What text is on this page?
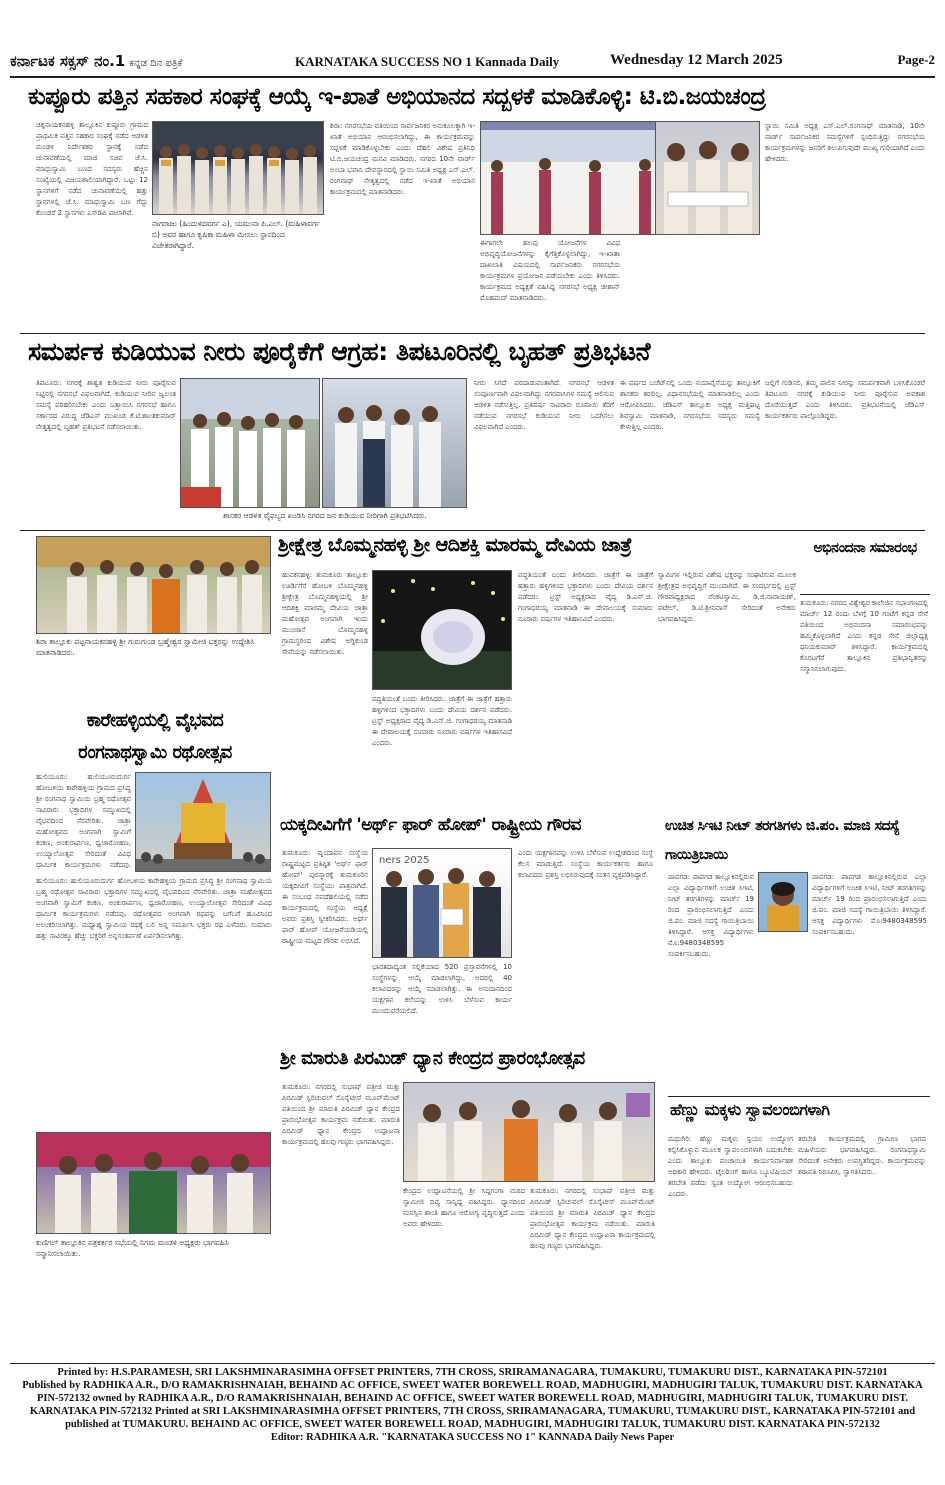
ಕರ್ನಾಟಕ ಸಕ್ಸಸ್ ನಂ.1 ಕನ್ನಡ ದಿನ ಪತ್ರಿಕೆ	KARNATAKA SUCCESS NO 1 Kannada Daily	Wednesday 12 March 2025	Page-2
ಕುಪ್ಪೂರು ಪತ್ತಿನ ಸಹಕಾರ ಸಂಘಕ್ಕೆ ಆಯ್ಕೆ ಇ-ಖಾತೆ ಅಭಿಯಾನದ ಸದ್ಬಳಕೆ ಮಾಡಿಕೊಳ್ಳಿ: ಟಿ.ಬಿ.ಜಯಚಂದ್ರ
ಚಿಕ್ಕನಾಯಕನಹಳ್ಳಿ ತಾಲ್ಲೂಕಿನ ಕುಪ್ಪೂರು ಗ್ರಾಮದ ಪ್ರಾಥಮಿಕ ಪತ್ತಿನ ಸಹಕಾರ ಸಂಘಕ್ಕೆ ನಡೆದ ಆಡಳಿತ ಮಂಡಳಿ ನಿರ್ದೇಶಕರ ಸ್ಥಾನಕ್ಕೆ ನಡೆದ ಚುನಾವಣೆಯಲ್ಲಿ ಮಾಜಿ ಸಚಿವ ಜೆ.ಸಿ. ಮಾಧುಸ್ವಾಮಿ ಬಣದ ಸದಸ್ಯರು ಹೆಚ್ಚಿನ ಸಂಖ್ಯೆಯಲ್ಲಿ ವಿಜಯಶಾಲಿಯಾಗಿದ್ದಾರೆ. ಒಟ್ಟು 12 ಸ್ಥಾನಗಳಿಗೆ ನಡೆದ ಚುನಾವಣೆಯಲ್ಲಿ ಹತ್ತು ಸ್ಥಾನಗಳಲ್ಲಿ ಜೆ.ಸಿ. ಮಾಧುಸ್ವಾಮಿ ಬಣ ಗೆದ್ದು ಕೊಂಡರೆ 2 ಸ್ಥಾನಗಳು ಎಸ್‌ಡಿಪಿ ಪಾಲಾಗಿವೆ.
ನಾಗರಾಜು (ಹಿಂದುಳಿದವರ್ಗ ಎ), ಯಮುನಾ ಪಿ.ಎಲ್. (ಮಹಿಳಾವರ್ಗ ಬಿ) ಅವರ ಹಾಗೂ ಕೃಷಿಕಾ ಮಹಿಳಾ ಮೀಸಲು ಸ್ಥಾನದಿಂದ ವಿಜೇತರಾಗಿದ್ದಾರೆ.
ಶಿರಾ: ನಗರಸಭೆಯ ವತಿಯಿಂದ ಸಾರ್ವಜನಿಕರ ಅನುಕೂಲಕ್ಕಾಗಿ ಇ-ಖಾತೆ ಅಭಿಯಾನ ಆರಂಭಿಸಲಾಗಿದ್ದು, ಈ ಕಾರ್ಯಕ್ರಮವನ್ನು ಸದ್ಬಳಕೆ ಮಾಡಿಕೊಳ್ಳಬೇಕು ಎಂದು ದೆಹಲಿ ವಿಶೇಷ ಪ್ರತಿನಿಧಿ ಟಿ.ಬಿ.ಜಯಚಂದ್ರ ಮನವಿ ಮಾಡಿದರು. ನಗರದ 10ನೇ ವಾರ್ಡ್ ಅಂಬಾ ಭವಾನಿ ದೇವಸ್ಥಾನದಲ್ಲಿ ಸ್ಥಾಯಿ ಸಮಿತಿ ಅಧ್ಯಕ್ಷ ಎಸ್.ಎಲ್. ರಂಗನಾಥ್ ನೇತೃತ್ವದಲ್ಲಿ ನಡೆದ ಇ-ಖಾತೆ ಅಭಿಯಾನ ಕಾರ್ಯಕ್ರಮದಲ್ಲಿ ಮಾತನಾಡಿದರು.
ಈಗಾಗಲೇ ಹಲವು ಯೋಜನೆಗಳ ವಿವಿಧ ಅಭಿವೃದ್ಧಿಯೋಜನೆಗಳನ್ನು ಕೈಗೆತ್ತಿಕೊಳ್ಳಲಾಗಿದ್ದು, ಇ-ಖಾತಾ ದಾಖಲಾತಿ ವಿಷಯದಲ್ಲಿ ಸಾರ್ವಜನಿಕರು ನಗರಸಭೆಯ ಕಾರ್ಯಕ್ರಮಗಳ ಪ್ರಯೋಜನ ಪಡೆಯಬೇಕು ಎಂದು ತಿಳಿಸಿದರು. ಕಾರ್ಯಕ್ರಮದ ಅಧ್ಯಕ್ಷತೆ ವಹಿಸಿದ್ದ ನಗರಸಭೆ ಅಧ್ಯಕ್ಷ ಜೀಶಾನ್ ಮೊಹಮದ್ ಮಾತನಾಡಿದರು.
ಸ್ಥಾಯಿ ಸಮಿತಿ ಅಧ್ಯಕ್ಷ ಎಸ್.ಎಲ್.ರಂಗನಾಥ್ ಮಾತನಾಡಿ, 10ನೇ ವಾರ್ಡ್ ಸಾರ್ವಜನಿಕರ ಸಮಸ್ಯೆಗಳಿಗೆ ಸ್ಪಂದಿಸುತ್ತಿದ್ದು ನಗರಸಭೆಯ ಕಾರ್ಯಕ್ರಮಗಳನ್ನು ಜನರಿಗೆ ತಲುಪಿಸುವುದೇ ಮುಖ್ಯ ಗುರಿಯಾಗಿದೆ ಎಂದು ಹೇಳಿದರು.
ಸಮರ್ಪಕ ಕುಡಿಯುವ ನೀರು ಪೂರೈಕೆಗೆ ಆಗ್ರಹ: ತಿಪಟೂರಿನಲ್ಲಿ ಬೃಹತ್ ಪ್ರತಿಭಟನೆ
ತಿಪಟೂರು: ನಗರಕ್ಕೆ ಶಾಶ್ವತ ಕುಡಿಯುವ ನೀರು ಪೂರೈಸುವ ನಿಟ್ಟಿನಲ್ಲಿ ನಗರಸಭೆ ವಿಫಲವಾಗಿದೆ. ಕುಡಿಯುವ ನೀರಿನ ಜ್ವಲಂತ ಸಮಸ್ಯೆ ಪರಿಹರಿಸಬೇಕು ಎಂದು ಒತ್ತಾಯಿಸಿ ನಗರಸಭೆ ಹಾಗೂ ಸರ್ಕಾರದ ವಿರುದ್ಧ ಜೆಡಿಎಸ್ ಮುಖಂಡ ಕೆ.ಟಿ.ಶಾಂತಕುಮಾರ್ ನೇತೃತ್ವದಲ್ಲಿ ಬೃಹತ್ ಪ್ರತಿಭಟನೆ ನಡೆಸಲಾಯಿತು.
ಶಾಸಕರ ಆಡಳಿತ ವೈಫಲ್ಯದ ಖಂಡಿಸಿ ನಗರದ ಜನ ಕುಡಿಯುವ ನೀರಿಗಾಗಿ ಪ್ರತಿಭಟಿಸಿದರು.
ನೀರು ಸಿಗದೆ ಪರದಾಡುವಂತಾಗಿದೆ. ನಗರಸಭೆ ಆಡಳಿತ ಸಂಪೂರ್ಣವಾಗಿ ವಿಫಲವಾಗಿದ್ದು ನಗರವಾಸಿಗಳ ಸಮಸ್ಯೆ ಆಲಿಸುವ ಆಡಳಿತ ನಡೆಸುತ್ತಿಲ್ಲ. ಪ್ರತಿವರ್ಷ ಸಾವಿರಾರು ರೂಪಾಯಿ ತೆರಿಗೆ ನಡೆಯುವ ನಗರಸಭೆ ಕುಡಿಯುವ ನೀರು ಒದಗಿಸಲು ವಿಫಲವಾಗಿದೆ ಎಂದರು.
ಈ ವರ್ಷದ ಬಜೆಟ್‌ನಲ್ಲಿ ಒಂದು ನಯಾಪೈಸೆಯನ್ನು ತಾಲ್ಲೂಕಿಗೆ ಶಾಸಕರು ತರಲಿಲ್ಲ. ವಿಧಾನಸಭೆಯಲ್ಲಿ ಮಾತನಾಡಲಿಲ್ಲ ಎಂದು ಆರೋಪಿಸಿದರು. ಜೆಡಿಎಸ್ ತಾಲ್ಲೂಕು ಅಧ್ಯಕ್ಷ ಮತ್ತಿಘಟ್ಟ ಶಿವಸ್ವಾಮಿ ಮಾತನಾಡಿ, ನಗರಸಭೆಯ ಸದಸ್ಯರು ಸಮಸ್ಯೆ ಕೇಳುತ್ತಿಲ್ಲ ಎಂದರು.
ಜಲ್ಲಿಗೆ ಗುಡಿಸಲಿ, ತಮ್ಮ ಪಾಲಿನ ನೀರನ್ನು ಸಮರ್ಪಕವಾಗಿ ಬಳಸಿಕೊಂಡರೆ ತಿಪಟೂರು ನಗರಕ್ಕೆ ಕುಡಿಯುವ ನೀರು ಪೂರೈಸುವ ಅವಕಾಶ ದೊರೆಯುತ್ತದೆ ಎಂದು ತಿಳಿಸಿದರು. ಪ್ರತಿಭಟನೆಯಲ್ಲಿ ಜೆಡಿಎಸ್ ಕಾರ್ಯಕರ್ತರು ಪಾಲ್ಗೊಂಡಿದ್ದರು.
ಶಿರಾ ತಾಲ್ಲೂಕು ಪಟ್ಟನಾಯಕನಹಳ್ಳಿ ಶ್ರೀ ಗುರುಗುಂಡ ಬ್ರಹ್ಮೇಶ್ವರ ಸ್ವಾಮೀಜಿ ಭಕ್ತರನ್ನು ಉದ್ದೇಶಿಸಿ ಮಾತನಾಡಿದರು.
ಶ್ರೀಕ್ಷೇತ್ರ ಬೊಮ್ಮನಹಳ್ಳಿ ಶ್ರೀ ಆದಿಶಕ್ತಿ ಮಾರಮ್ಮ ದೇವಿಯ ಜಾತ್ರೆ
ಹುವಕನಹಳ್ಳಿ: ತುಮಕೂರು ತಾಲ್ಲೂಕು ಊರ್ಡಿಗೆರೆ ಹೋಬಳಿ ಬೊಮ್ಮನಹಳ್ಳಿ ಶ್ರೀಕ್ಷೇತ್ರ ಬೊಮ್ಮನಹಳ್ಳಿಯಲ್ಲಿ ಶ್ರೀ ಆದಿಶಕ್ತಿ ಮಾರಮ್ಮ ದೇವಿಯ ಜಾತ್ರಾ ಮಹೋತ್ಸವ ಅಂಗವಾಗಿ ಇಂದು ಮುಂಜಾನೆ ಬೊಮ್ಮನಹಳ್ಳಿ ಗ್ರಾಮಸ್ಥರಿಂದ ವಿಶೇಷ ಅಗ್ನಿಕುಂಡ ಸೇವೆಯನ್ನು ನಡೆಸಲಾಯಿತು.
ಪದ್ಧತಿಯಂತೆ ಬಂದು ತೀರಿಸಿದರು. ಜಾತ್ರೆಗೆ ಈ ಜಾತ್ರೆಗೆ ಹತ್ತಾರು ಹಳ್ಳಿಗಳಿಂದ ಭಕ್ತಾದಿಗಳು ಬಂದು ದೇವಿಯ ದರ್ಶನ ಪಡೆದರು. ಟ್ರಸ್ಟ್ ಅಧ್ಯಕ್ಷರಾದ ವೈದ್ಯ ಡಿ.ಎನ್.ಜಿ. ಗಂಗಾಧರಯ್ಯ ಮಾತನಾಡಿ ಈ ದೇವಾಲಯಕ್ಕೆ ಸುಮಾರು ನೂರಾರು ವರ್ಷಗಳ ಇತಿಹಾಸವಿದೆ ಎಂದರು.
ಪದ್ಧತಿಯಂತೆ ಬಂದು ತೀರಿಸಿದರು. ಜಾತ್ರೆಗೆ ಈ ಜಾತ್ರೆಗೆ ಹತ್ತಾರು ಹಳ್ಳಿಗಳಿಂದ ಭಕ್ತಾದಿಗಳು ಬಂದು ದೇವಿಯ ದರ್ಶನ ಪಡೆದರು. ಟ್ರಸ್ಟ್ ಅಧ್ಯಕ್ಷರಾದ ವೈದ್ಯ ಡಿ.ಎನ್.ಜಿ. ಗಂಗಾಧರಯ್ಯ ಮಾತನಾಡಿ ಈ ದೇವಾಲಯಕ್ಕೆ ಸುಮಾರು ನೂರಾರು ವರ್ಷಗಳ ಇತಿಹಾಸವಿದೆ ಎಂದರು.
ಸ್ವಾಮಿಗಳ ಇಲ್ಲಿರುವ ವಿಶೇಷ ಭಕ್ತರನ್ನು ಸಂಘಟಿಸುವ ಮೂಲಕ ಶ್ರೀಕ್ಷೇತ್ರದ ಅಭಿವೃದ್ಧಿಗೆ ಮುಂದಾಗಿದೆ. ಈ ಸಂದರ್ಭದಲ್ಲಿ ಟ್ರಸ್ಟ್ ಗೌರವಾಧ್ಯಕ್ಷರಾದ ವೆಂಕಟಸ್ವಾಮಿ, ಡಿ.ಜಿ.ನಾರಾಯಣ್, ಪಟೇಲ್, ಡಿ.ಟಿ.ಶ್ರೀನಿವಾಸ್ ಸೇರಿದಂತೆ ಅನೇಕರು ಭಾಗವಹಿಸಿದ್ದರು.
ಅಭಿನಂದನಾ ಸಮಾರಂಭ
ತುಮಕೂರು: ನಗರದ ವಿಶ್ವೇಶ್ವರ ಕಾಲೇಜಿನ ಸಭಾಂಗಣದಲ್ಲಿ ಮಾರ್ಚ್ 12 ರಂದು ಬೆಳಗ್ಗೆ 10 ಗಂಟೆಗೆ ಕನ್ನಡ ಸೇನೆ ವತಿಯಿಂದ ಅಭಿನಂದನಾ ಸಮಾರಂಭವನ್ನು ಹಮ್ಮಿಕೊಳ್ಳಲಾಗಿದೆ ಎಂದು ಕನ್ನಡ ಸೇನೆ ಜಿಲ್ಲಾಧ್ಯಕ್ಷ ಧನಿಯಕುಮಾರ್ ತಿಳಿಸಿದ್ದಾರೆ. ಕಾರ್ಯಕ್ರಮದಲ್ಲಿ ಕೊರಟಗೆರೆ ತಾಲ್ಲೂಕಿನ ಪ್ರತಿಭಾನ್ವಿತರನ್ನು ಸನ್ಮಾನಿಸಲಾಗುವುದು.
ಕಾರೇಹಳ್ಳಿಯಲ್ಲಿ ವೈಭವದ ರಂಗನಾಥಸ್ವಾಮಿ ರಥೋತ್ಸವ
ಹುಲಿಯೂರು: ಹುಲಿಯೂರುದುರ್ಗ ಹೋಬಳಿಯ ಕಾರೇಹಳ್ಳಿಯ ಗ್ರಾಮದ ಪ್ರಸಿದ್ಧ ಶ್ರೀ ರಂಗನಾಥ ಸ್ವಾಮಿಯ ಬ್ರಹ್ಮ ರಥೋತ್ಸವ ಸಾವಿರಾರು ಭಕ್ತಾದಿಗಳ ಸಮ್ಮುಖದಲ್ಲಿ ವೈಭವದಿಂದ ನೆರವೇರಿತು. ಜಾತ್ರಾ ಮಹೋತ್ಸವದ ಅಂಗವಾಗಿ ಸ್ವಾಮಿಗೆ ಕಂಕಣ, ಅಂಕುರಾರ್ಪಣ, ಧ್ವಜಾರೋಹಣ, ಉಯ್ಯಾಲೋತ್ಸವ ಸೇರಿದಂತೆ ವಿವಿಧ ಧಾರ್ಮಿಕ ಕಾರ್ಯಕ್ರಮಗಳು ನಡೆದವು.
ಹುಲಿಯೂರು: ಹುಲಿಯೂರುದುರ್ಗ ಹೋಬಳಿಯ ಕಾರೇಹಳ್ಳಿಯ ಗ್ರಾಮದ ಪ್ರಸಿದ್ಧ ಶ್ರೀ ರಂಗನಾಥ ಸ್ವಾಮಿಯ ಬ್ರಹ್ಮ ರಥೋತ್ಸವ ಸಾವಿರಾರು ಭಕ್ತಾದಿಗಳ ಸಮ್ಮುಖದಲ್ಲಿ ವೈಭವದಿಂದ ನೆರವೇರಿತು. ಜಾತ್ರಾ ಮಹೋತ್ಸವದ ಅಂಗವಾಗಿ ಸ್ವಾಮಿಗೆ ಕಂಕಣ, ಅಂಕುರಾರ್ಪಣ, ಧ್ವಜಾರೋಹಣ, ಉಯ್ಯಾಲೋತ್ಸವ ಸೇರಿದಂತೆ ವಿವಿಧ ಧಾರ್ಮಿಕ ಕಾರ್ಯಕ್ರಮಗಳು ನಡೆದವು. ರಥೋತ್ಸವದ ಅಂಗವಾಗಿ ರಥವನ್ನು ಬಗೆಬಗೆ ಹೂವಿನಿಂದ ಅಲಂಕರಿಸಲಾಗಿತ್ತು. ಮಧ್ಯಾಹ್ನ ಸ್ವಾಮಿಯ ರಥಕ್ಕೆ ಬಲಿ ಅನ್ನ ಸಮರ್ಪಿಸಿ ಭಕ್ತರು ರಥ ಎಳೆದರು. ಸುಮಾರು ಹತ್ತು ಸಾವಿರಕ್ಕೂ ಹೆಚ್ಚು ಭಕ್ತರಿಗೆ ಅನ್ನಸಂತರ್ಪಣೆ ಏರ್ಪಡಿಸಲಾಗಿತ್ತು.
ಕುಣಿಗಲ್ ತಾಲ್ಲೂಕಿನ ಪತ್ರಕರ್ತರ ಸಭೆಯಲ್ಲಿ ನಿಗಮ ಮಂಡಳಿ ಅಧ್ಯಕ್ಷರು ಭಾಗವಹಿಸಿ ಸನ್ಮಾನಿಸಲಾಯಿತು.
ಯಕ್ಕದೀವಿಗೆಗೆ 'ಅರ್ಥ್ ಫಾರ್ ಹೋಪ್' ರಾಷ್ಟ್ರೀಯ ಗೌರವ
ತುಮಕೂರು: ವೃಂದಾವನ ಸಂಸ್ಥೆಯ ರಾಷ್ಟ್ರಮಟ್ಟದ ಪ್ರತಿಷ್ಠಿತ 'ಅರ್ಥ್ ಫಾರ್ ಹೋಪ್' ಪುರಸ್ಕಾರಕ್ಕೆ ತುಮಕೂರಿನ ಯಕ್ಕದೀವಿಗೆ ಸಂಸ್ಥೆಯು ಪಾತ್ರವಾಗಿದೆ. ಈ ಸಂಬಂಧ ನವದೆಹಲಿಯಲ್ಲಿ ನಡೆದ ಕಾರ್ಯಕ್ರಮದಲ್ಲಿ ಸಂಸ್ಥೆಯ ಅಧ್ಯಕ್ಷೆ ಅವರು ಪ್ರಶಸ್ತಿ ಸ್ವೀಕರಿಸಿದರು. ಅರ್ಥ್ ಫಾರ್ ಹೋಪ್ ಯೋಜನೆಯಡಿಯಲ್ಲಿ ರಾಷ್ಟ್ರೀಯ ಮಟ್ಟದ ಗೌರವ ಲಭಿಸಿದೆ.
ners 2025
ಭಾರತದಾದ್ಯಂತ ಸಲ್ಲಿಕೆಯಾದ 520 ಪ್ರಸ್ತಾವನೆಗಳಲ್ಲಿ 10 ಸಂಸ್ಥೆಗಳನ್ನು ಆಯ್ಕೆ ಮಾಡಲಾಗಿದ್ದು, ಅದರಲ್ಲಿ 40 ಕಲಾವಿದರನ್ನು ಆಯ್ಕೆ ಮಾಡಲಾಗಿತ್ತು. ಈ ಅನುದಾನದಿಂದ ಯಕ್ಷಗಾನ ಕಲೆಯನ್ನು ಉಳಿಸಿ ಬೆಳೆಸುವ ಕಾರ್ಯ ಮುಂದುವರೆಯಲಿದೆ.
ಎಂದು ಯಕ್ಷಗಾನವನ್ನು ಉಳಿಸಿ ಬೆಳೆಸುವ ಉದ್ದೇಶದಿಂದ ಸಂಸ್ಥೆ ಕೆಲಸ ಮಾಡುತ್ತಿದೆ. ಸಂಸ್ಥೆಯ ಕಾರ್ಯಕರ್ತರು ಹಾಗೂ ಕಲಾವಿದರು ಪ್ರಶಸ್ತಿ ಲಭಿಸಿರುವುದಕ್ಕೆ ಸಂತಸ ವ್ಯಕ್ತಪಡಿಸಿದ್ದಾರೆ.
ಉಚಿತ ಸಿಇಟಿ ನೀಟ್ ತರಗತಿಗಳು ಜಿ.ಪಂ. ಮಾಜಿ ಸದಸ್ಯೆ ಗಾಯಿತ್ರಿಬಾಯಿ
ಪಾವಗಡ: ಪಾವಗಡ ತಾಲ್ಲೂಕಿನಲ್ಲಿರುವ ಎಲ್ಲಾ ವಿದ್ಯಾರ್ಥಿಗಳಿಗೆ ಉಚಿತ ಸಿಇಟಿ, ನೀಟ್ ತರಗತಿಗಳನ್ನು ಮಾರ್ಚ್ 19 ರಿಂದ ಪ್ರಾರಂಭಿಸಲಾಗುತ್ತಿದೆ ಎಂದು ಜಿ.ಪಂ. ಮಾಜಿ ಸದಸ್ಯೆ ಗಾಯಿತ್ರಿಬಾಯಿ ತಿಳಿಸಿದ್ದಾರೆ. ಆಸಕ್ತ ವಿದ್ಯಾರ್ಥಿಗಳು ಮೊ:9480348595 ಸಂಪರ್ಕಿಸಬಹುದು.
ಪಾವಗಡ: ಪಾವಗಡ ತಾಲ್ಲೂಕಿನಲ್ಲಿರುವ ಎಲ್ಲಾ ವಿದ್ಯಾರ್ಥಿಗಳಿಗೆ ಉಚಿತ ಸಿಇಟಿ, ನೀಟ್ ತರಗತಿಗಳನ್ನು ಮಾರ್ಚ್ 19 ರಿಂದ ಪ್ರಾರಂಭಿಸಲಾಗುತ್ತಿದೆ ಎಂದು ಜಿ.ಪಂ. ಮಾಜಿ ಸದಸ್ಯೆ ಗಾಯಿತ್ರಿಬಾಯಿ ತಿಳಿಸಿದ್ದಾರೆ. ಆಸಕ್ತ ವಿದ್ಯಾರ್ಥಿಗಳು ಮೊ:9480348595 ಸಂಪರ್ಕಿಸಬಹುದು.
ಶ್ರೀ ಮಾರುತಿ ಪಿರಮಿಡ್ ಧ್ಯಾನ ಕೇಂದ್ರದ ಪ್ರಾರಂಭೋತ್ಸವ
ತುಮಕೂರು: ನಗರದಲ್ಲಿ ಸುಭಾಷ್ ಪತ್ರೀಜಿ ಮತ್ತು ಪಿರಮಿಡ್ ಸ್ಪಿರಿಚುವಲ್ ಸೊಸೈಟೀಸ್ ಮೂವ್‌ಮೆಂಟ್ ವತಿಯಿಂದ ಶ್ರೀ ಮಾರುತಿ ಪಿರಮಿಡ್ ಧ್ಯಾನ ಕೇಂದ್ರದ ಪ್ರಾರಂಭೋತ್ಸವ ಕಾರ್ಯಕ್ರಮ ನಡೆಯಿತು. ಮಾರುತಿ ಪಿರಮಿಡ್ ಧ್ಯಾನ ಕೇಂದ್ರದ ಉದ್ಘಾಟನಾ ಕಾರ್ಯಕ್ರಮದಲ್ಲಿ ಹಲವು ಗಣ್ಯರು ಭಾಗವಹಿಸಿದ್ದರು.
ಕೇಂದ್ರದ ಉದ್ಘಾಟನೆಯಲ್ಲಿ ಶ್ರೀ ಸಿದ್ದಗಂಗಾ ಮಠದ ಸ್ವಾಮೀಜಿ ದಿವ್ಯ ಸಾನ್ನಿಧ್ಯ ವಹಿಸಿದ್ದರು. ಧ್ಯಾನದಿಂದ ಮನಸ್ಸಿನ ಶಾಂತಿ ಹಾಗೂ ಆರೋಗ್ಯ ವೃದ್ಧಿಸುತ್ತದೆ ಎಂದು ಅವರು ಹೇಳಿದರು.
ತುಮಕೂರು: ನಗರದಲ್ಲಿ ಸುಭಾಷ್ ಪತ್ರೀಜಿ ಮತ್ತು ಪಿರಮಿಡ್ ಸ್ಪಿರಿಚುವಲ್ ಸೊಸೈಟೀಸ್ ಮೂವ್‌ಮೆಂಟ್ ವತಿಯಿಂದ ಶ್ರೀ ಮಾರುತಿ ಪಿರಮಿಡ್ ಧ್ಯಾನ ಕೇಂದ್ರದ ಪ್ರಾರಂಭೋತ್ಸವ ಕಾರ್ಯಕ್ರಮ ನಡೆಯಿತು. ಮಾರುತಿ ಪಿರಮಿಡ್ ಧ್ಯಾನ ಕೇಂದ್ರದ ಉದ್ಘಾಟನಾ ಕಾರ್ಯಕ್ರಮದಲ್ಲಿ ಹಲವು ಗಣ್ಯರು ಭಾಗವಹಿಸಿದ್ದರು.
ಹೆಣ್ಣು ಮಕ್ಕಳು ಸ್ವಾವಲಂಬಿಗಳಾಗಿ
ಮಧುಗಿರಿ: ಹೆಣ್ಣು ಮಕ್ಕಳು ಸ್ವಯಂ ಉದ್ಯೋಗ ಕಲ್ಪಿಸಿಕೊಳ್ಳುವ ಮೂಲಕ ಸ್ವಾವಲಂಬಿಗಳಾಗಿ ಬದುಕಬೇಕು ಎಂದು ತಾಲ್ಲೂಕು ಪಂಚಾಯಿತಿ ಕಾರ್ಯನಿರ್ವಾಹಕ ಅಧಿಕಾರಿ ಹೇಳಿದರು. ಟೈಲರಿಂಗ್ ಹಾಗೂ ಬ್ಯೂಟಿಷಿಯನ್ ತರಬೇತಿ ಪಡೆದು ಸ್ವಂತ ಉದ್ಯೋಗ ಆರಂಭಿಸಬಹುದು ಎಂದರು.
ತರಬೇತಿ ಕಾರ್ಯಕ್ರಮದಲ್ಲಿ ಗ್ರಾಮೀಣ ಭಾಗದ ಮಹಿಳೆಯರು ಭಾಗವಹಿಸಿದ್ದರು. ರಂಗನಾಥಸ್ವಾಮಿ ಸೇರಿದಂತೆ ಅನೇಕರು ಉಪಸ್ಥಿತರಿದ್ದರು. ಕಾರ್ಯಕ್ರಮವನ್ನು ಶರಾವತಿ ನಿರೂಪಿಸಿ, ಸ್ವಾಗತಿಸಿದರು.
Printed by: H.S.PARAMESH, SRI LAKSHMINARASIMHA OFFSET PRINTERS, 7TH CROSS, SRIRAMANAGARA, TUMAKURU, TUMAKURU DIST., KARNATAKA PIN-572101
Published by RADHIKA A.R., D/O RAMAKRISHNAIAH, BEHAIND AC OFFICE, SWEET WATER BOREWELL ROAD, MADHUGIRI, MADHUGIRI TALUK, TUMAKURU DIST. KARNATAKA
PIN-572132 owned by RADHIKA A.R., D/O RAMAKRISHNAIAH, BEHAIND AC OFFICE, SWEET WATER BOREWELL ROAD, MADHUGIRI, MADHUGIRI TALUK, TUMAKURU DIST.
KARNATAKA PIN-572132 Printed at SRI LAKSHMINARASIMHA OFFSET PRINTERS, 7TH CROSS, SRIRAMANAGARA, TUMAKURU, TUMAKURU DIST., KARNATAKA PIN-572101 and
published at TUMAKURU. BEHAIND AC OFFICE, SWEET WATER BOREWELL ROAD, MADHUGIRI, MADHUGIRI TALUK, TUMAKURU DIST. KARNATAKA PIN-572132
Editor: RADHIKA A.R. "KARNATAKA SUCCESS NO 1" KANNADA Daily News Paper
